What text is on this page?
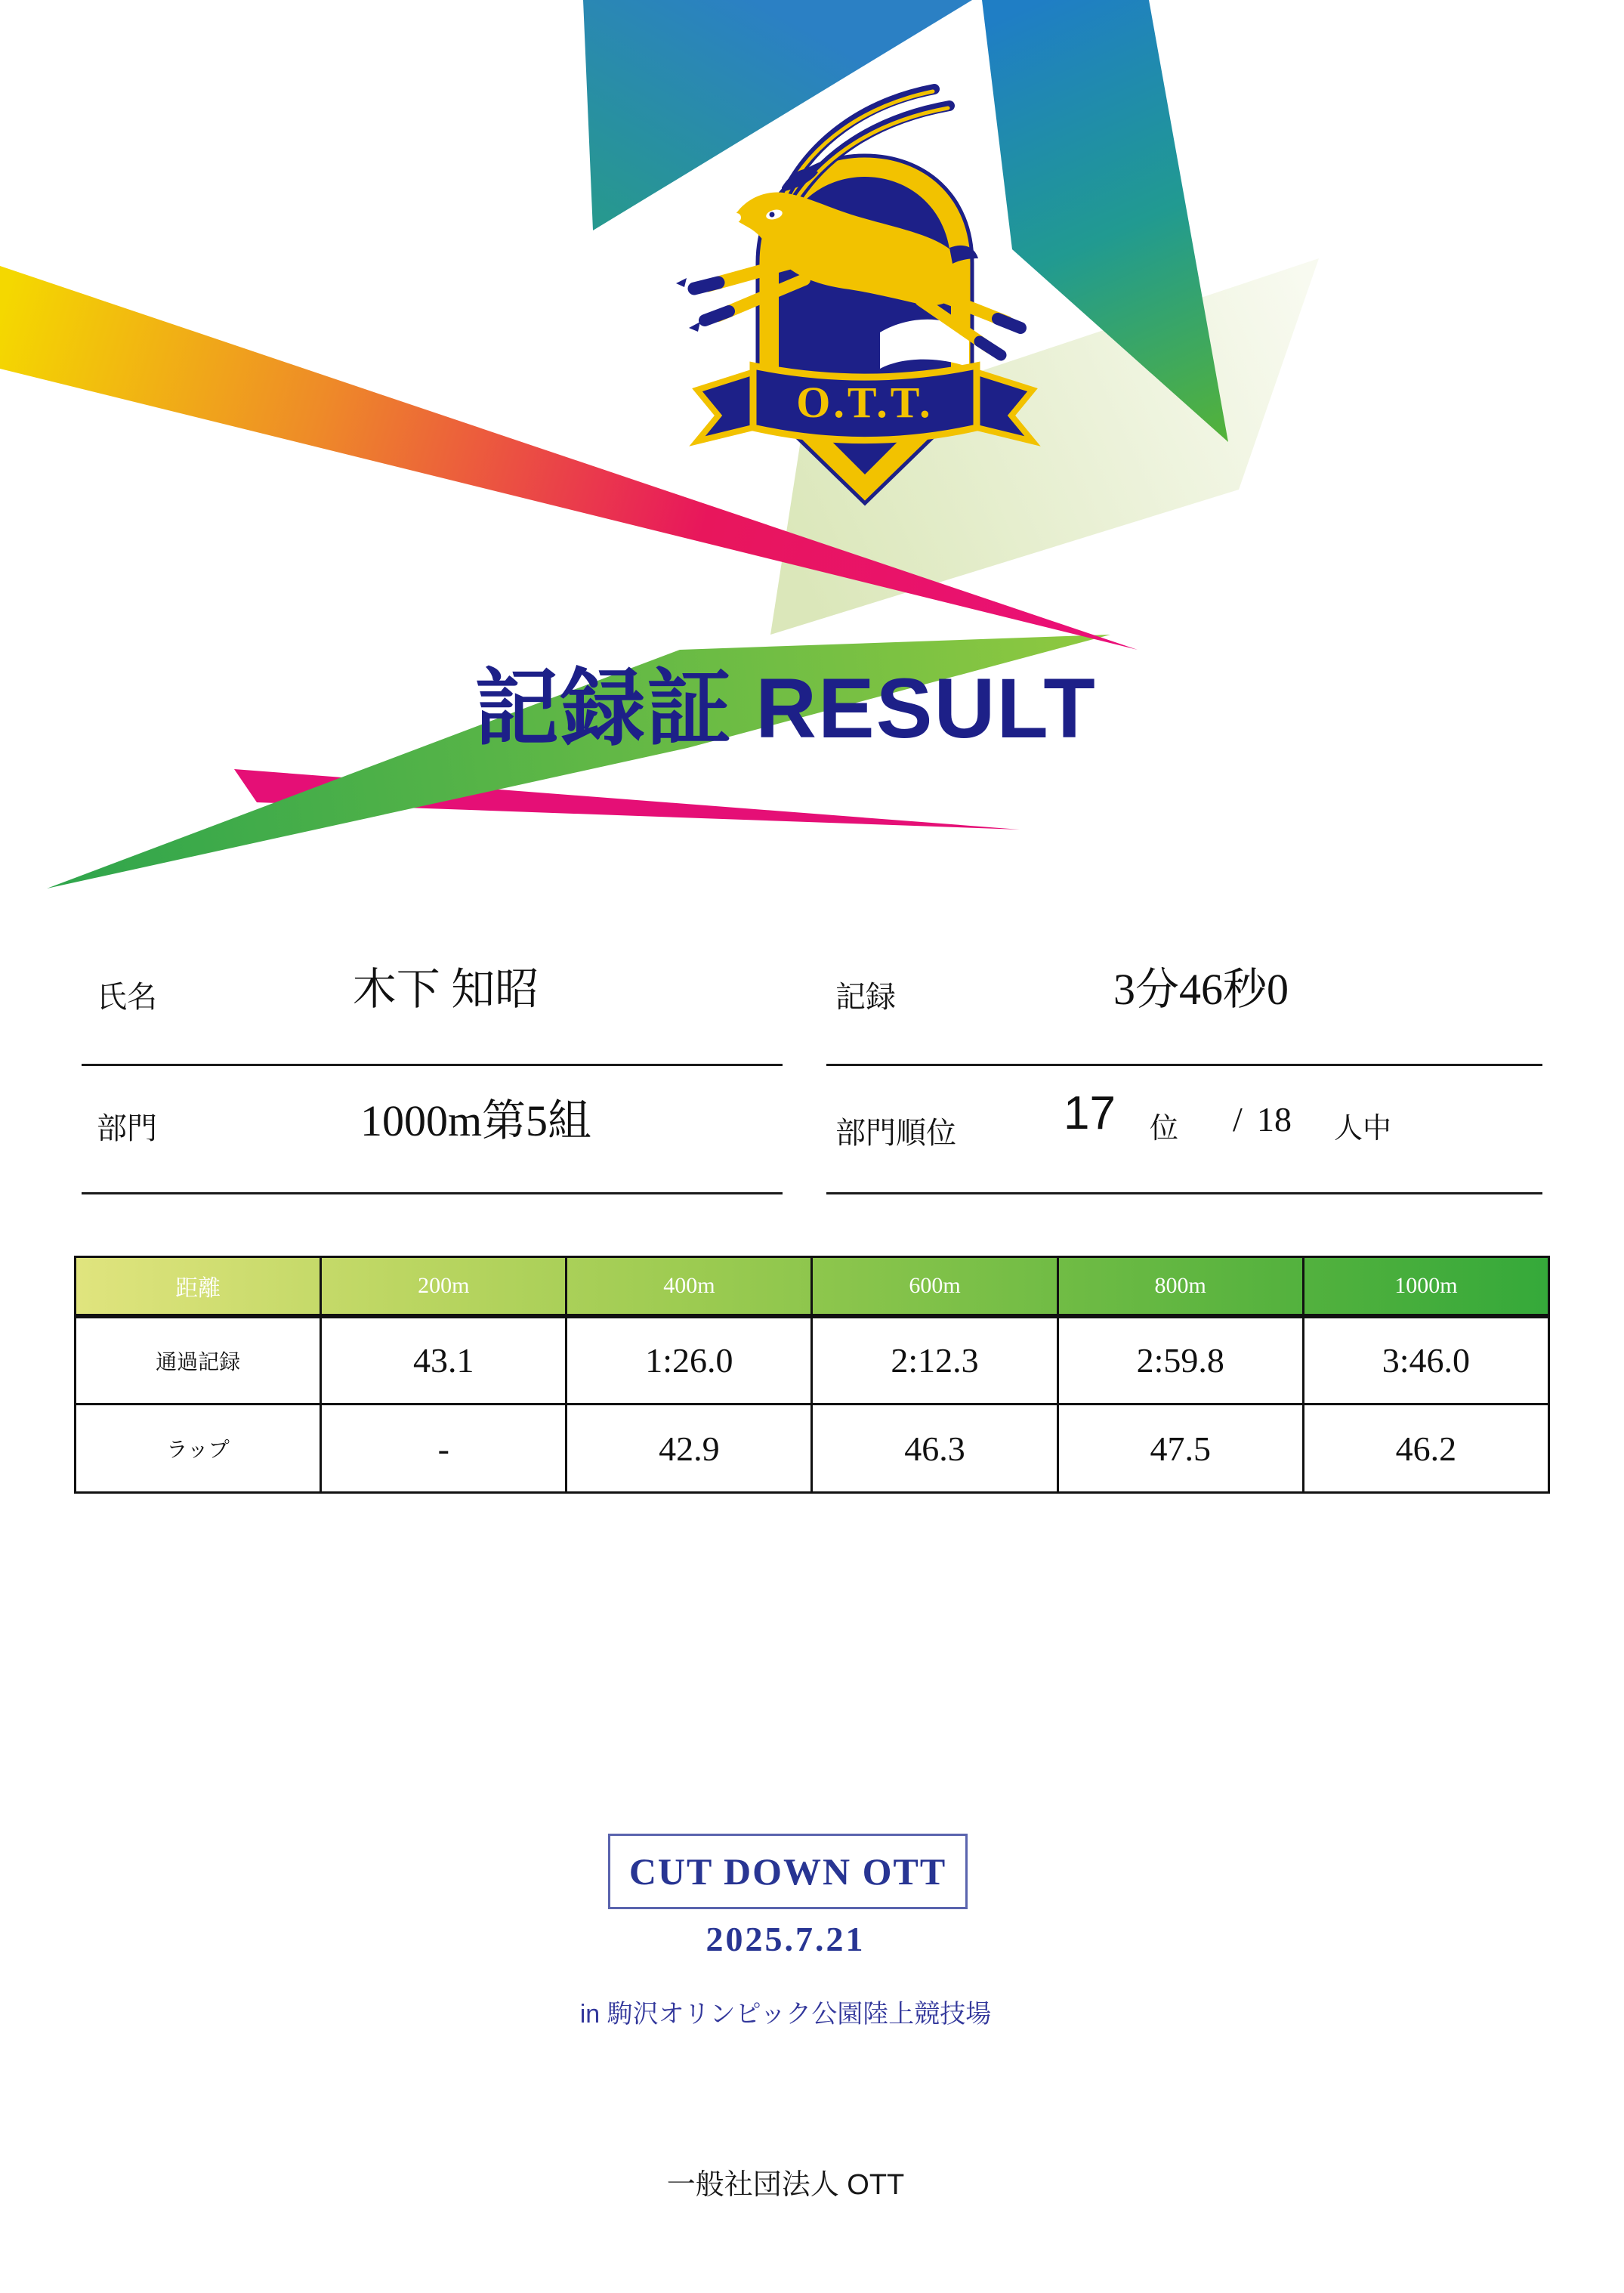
O.T.T.
記録証 RESULT
氏名	木下 知昭	記録	3分46秒0
部門	1000m第5組	部門順位 17 位 / 18 人中
距離	200m	400m	600m	800m	1000m
通過記録	43.1	1:26.0	2:12.3	2:59.8	3:46.0
ラップ	-	42.9	46.3	47.5	46.2
CUT DOWN OTT
2025.7.21
in 駒沢オリンピック公園陸上競技場
一般社団法人 OTT
